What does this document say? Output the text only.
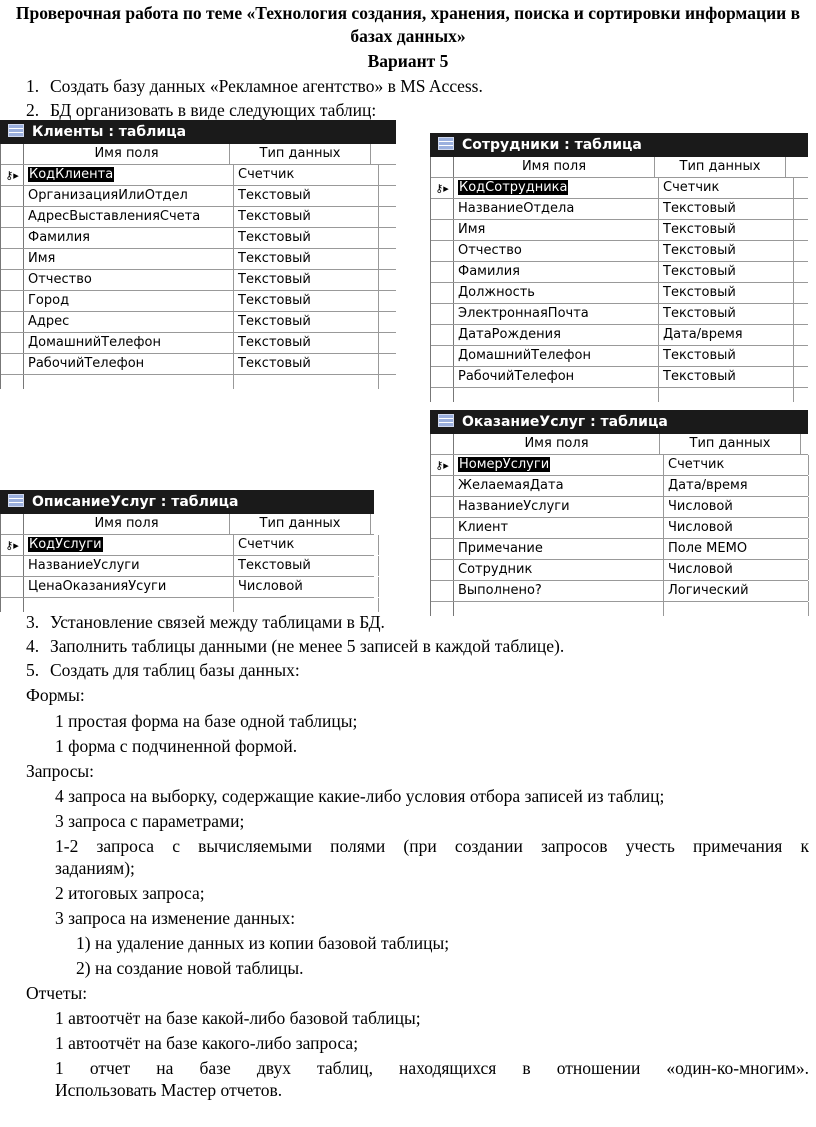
Проверочная работа по теме «Технология создания, хранения, поиска и сортировки информации в базах данных»
Вариант 5
1. Создать базу данных «Рекламное агентство» в MS Access.
2. БД организовать в виде следующих таблиц:
Клиенты : таблица
Имя поля	Тип данных
⚷▸ КодКлиента	Счетчик
ОрганизацияИлиОтдел	Текстовый
АдресВыставленияСчета	Текстовый
Фамилия	Текстовый
Имя	Текстовый
Отчество	Текстовый
Город	Текстовый
Адрес	Текстовый
ДомашнийТелефон	Текстовый
РабочийТелефон	Текстовый
Сотрудники : таблица
Имя поля	Тип данных
⚷▸ КодСотрудника	Счетчик
НазваниеОтдела	Текстовый
Имя	Текстовый
Отчество	Текстовый
Фамилия	Текстовый
Должность	Текстовый
ЭлектроннаяПочта	Текстовый
ДатаРождения	Дата/время
ДомашнийТелефон	Текстовый
РабочийТелефон	Текстовый
ОказаниеУслуг : таблица
Имя поля	Тип данных
⚷▸ НомерУслуги	Счетчик
ЖелаемаяДата	Дата/время
НазваниеУслуги	Числовой
Клиент	Числовой
Примечание	Поле MEMO
Сотрудник	Числовой
Выполнено?	Логический
ОписаниеУслуг : таблица
Имя поля	Тип данных
⚷▸ КодУслуги	Счетчик
НазваниеУслуги	Текстовый
ЦенаОказанияУсуги	Числовой
3. Установление связей между таблицами в БД.
4. Заполнить таблицы данными (не менее 5 записей в каждой таблице).
5. Создать для таблиц базы данных:
Формы:
1 простая форма на базе одной таблицы;
1 форма с подчиненной формой.
Запросы:
4 запроса на выборку, содержащие какие-либо условия отбора записей из таблиц;
3 запроса с параметрами;
1-2 запроса с вычисляемыми полями (при создании запросов учесть примечания к
заданиям);
2 итоговых запроса;
3 запроса на изменение данных:
1) на удаление данных из копии базовой таблицы;
2) на создание новой таблицы.
Отчеты:
1 автоотчёт на базе какой-либо базовой таблицы;
1 автоотчёт на базе какого-либо запроса;
1 отчет на базе двух таблиц, находящихся в отношении «один-ко-многим».
Использовать Мастер отчетов.
